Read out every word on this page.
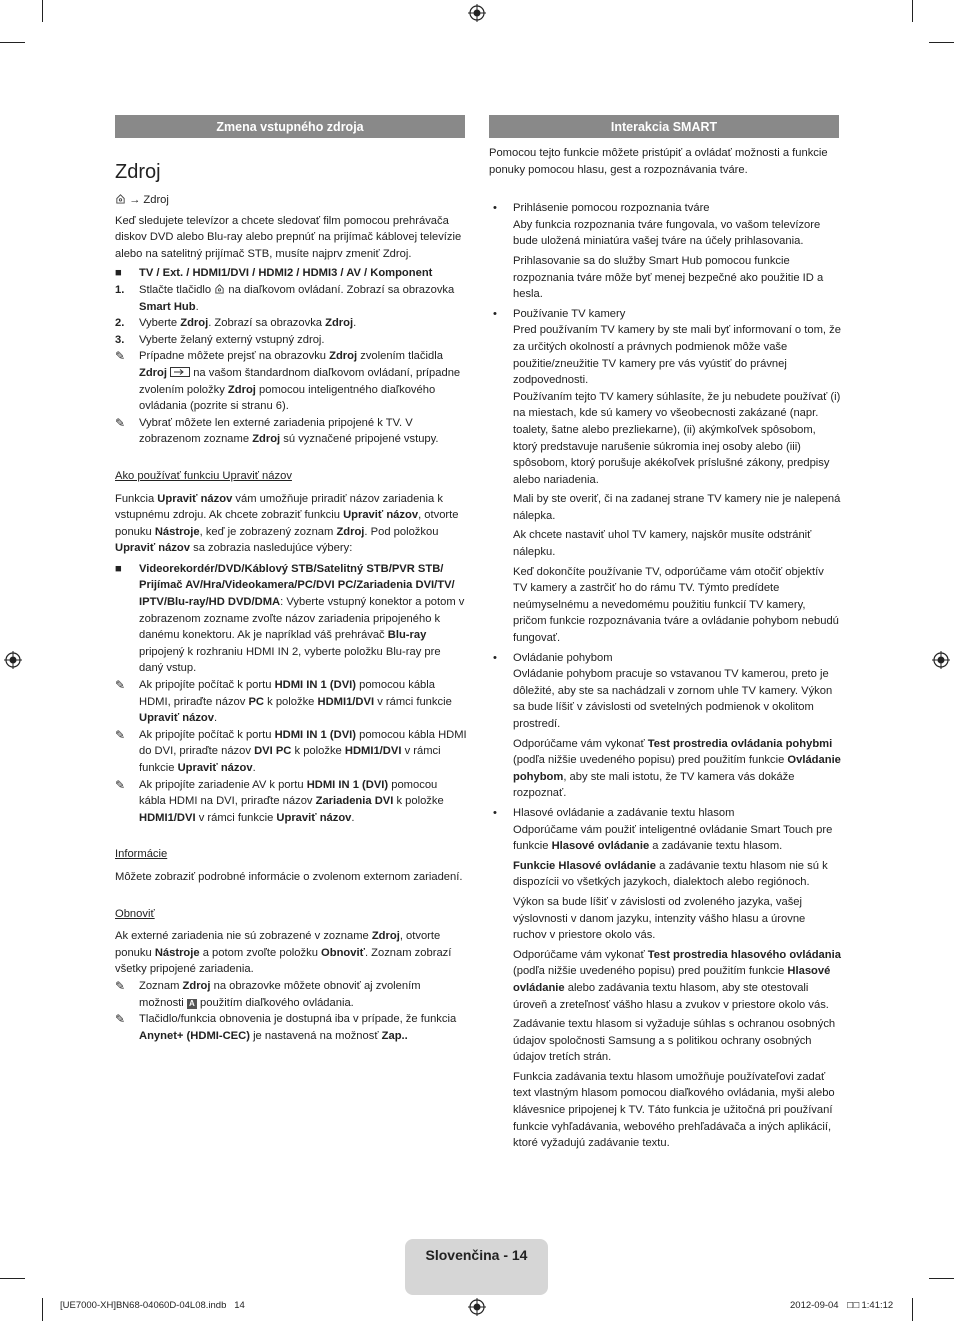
Zmena vstupného zdroja	Interakcia SMART
Zdroj

→ Zdroj

Keď sledujete televízor a chcete sledovať film pomocou prehrávača diskov DVD alebo Blu-ray alebo prepnúť na prijímač káblovej televízie alebo na satelitný prijímač STB, musíte najprv zmeniť Zdroj.

■	TV / Ext. / HDMI1/DVI / HDMI2 / HDMI3 / AV / Komponent
1.	Stlačte tlačidlo na diaľkovom ovládaní. Zobrazí sa obrazovka Smart Hub.
2.	Vyberte Zdroj. Zobrazí sa obrazovka Zdroj.
3.	Vyberte želaný externý vstupný zdroj.
✎	Prípadne môžete prejsť na obrazovku Zdroj zvolením tlačidla Zdroj na vašom štandardnom diaľkovom ovládaní, prípadne zvolením položky Zdroj pomocou inteligentného diaľkového ovládania (pozrite si stranu 6).
✎	Vybrať môžete len externé zariadenia pripojené k TV. V zobrazenom zozname Zdroj sú vyznačené pripojené vstupy.

Ako používať funkciu Upraviť názov

Funkcia Upraviť názov vám umožňuje priradiť názov zariadenia k vstupnému zdroju. Ak chcete zobraziť funkciu Upraviť názov, otvorte ponuku Nástroje, keď je zobrazený zoznam Zdroj. Pod položkou Upraviť názov sa zobrazia nasledujúce výbery:

■	Videorekordér/DVD/Káblový STB/Satelitný STB/PVR STB/ Prijímač AV/Hra/Videokamera/PC/DVI PC/Zariadenia DVI/TV/ IPTV/Blu-ray/HD DVD/DMA: Vyberte vstupný konektor a potom v zobrazenom zozname zvoľte názov zariadenia pripojeného k danému konektoru. Ak je napríklad váš prehrávač Blu-ray pripojený k rozhraniu HDMI IN 2, vyberte položku Blu-ray pre daný vstup.
✎	Ak pripojíte počítač k portu HDMI IN 1 (DVI) pomocou kábla HDMI, priraďte názov PC k položke HDMI1/DVI v rámci funkcie Upraviť názov.
✎	Ak pripojíte počítač k portu HDMI IN 1 (DVI) pomocou kábla HDMI do DVI, priraďte názov DVI PC k položke HDMI1/DVI v rámci funkcie Upraviť názov.
✎	Ak pripojíte zariadenie AV k portu HDMI IN 1 (DVI) pomocou kábla HDMI na DVI, priraďte názov Zariadenia DVI k položke HDMI1/DVI v rámci funkcie Upraviť názov.

Informácie

Môžete zobraziť podrobné informácie o zvolenom externom zariadení.

Obnoviť

Ak externé zariadenia nie sú zobrazené v zozname Zdroj, otvorte ponuku Nástroje a potom zvoľte položku Obnoviť. Zoznam zobrazí všetky pripojené zariadenia.

✎	Zoznam Zdroj na obrazovke môžete obnoviť aj zvolením možnosti A použitím diaľkového ovládania.
✎	Tlačidlo/funkcia obnovenia je dostupná iba v prípade, že funkcia Anynet+ (HDMI-CEC) je nastavená na možnosť Zap..

Pomocou tejto funkcie môžete pristúpiť a ovládať možnosti a funkcie ponuky pomocou hlasu, gest a rozpoznávania tváre.

•	Prihlásenie pomocou rozpoznania tváre

Aby funkcia rozpoznania tváre fungovala, vo vašom televízore bude uložená miniatúra vašej tváre na účely prihlasovania.

Prihlasovanie sa do služby Smart Hub pomocou funkcie rozpoznania tváre môže byť menej bezpečné ako použitie ID a hesla.

•	Používanie TV kamery

Pred používaním TV kamery by ste mali byť informovaní o tom, že za určitých okolností a právnych podmienok môže vaše použitie/zneužitie TV kamery pre vás vyústiť do právnej zodpovednosti.

Používaním tejto TV kamery súhlasíte, že ju nebudete používať (i) na miestach, kde sú kamery vo všeobecnosti zakázané (napr. toalety, šatne alebo prezliekarne), (ii) akýmkoľvek spôsobom, ktorý predstavuje narušenie súkromia inej osoby alebo (iii) spôsobom, ktorý porušuje akékoľvek príslušné zákony, predpisy alebo nariadenia.

Mali by ste overiť, či na zadanej strane TV kamery nie je nalepená nálepka.

Ak chcete nastaviť uhol TV kamery, najskôr musíte odstrániť nálepku.

Keď dokončíte používanie TV, odporúčame vám otočiť objektív TV kamery a zastrčiť ho do rámu TV. Týmto predídete neúmyselnému a nevedomému použitiu funkcií TV kamery, pričom funkcie rozpoznávania tváre a ovládanie pohybom nebudú fungovať.

•	Ovládanie pohybom

Ovládanie pohybom pracuje so vstavanou TV kamerou, preto je dôležité, aby ste sa nachádzali v zornom uhle TV kamery. Výkon sa bude líšiť v závislosti od svetelných podmienok v okolitom prostredí.

Odporúčame vám vykonať Test prostredia ovládania pohybmi (podľa nižšie uvedeného popisu) pred použitím funkcie Ovládanie pohybom, aby ste mali istotu, že TV kamera vás dokáže rozpoznať.

•	Hlasové ovládanie a zadávanie textu hlasom

Odporúčame vám použiť inteligentné ovládanie Smart Touch pre funkcie Hlasové ovládanie a zadávanie textu hlasom.

Funkcie Hlasové ovládanie a zadávanie textu hlasom nie sú k dispozícii vo všetkých jazykoch, dialektoch alebo regiónoch.

Výkon sa bude líšiť v závislosti od zvoleného jazyka, vašej výslovnosti v danom jazyku, intenzity vášho hlasu a úrovne ruchov v priestore okolo vás.

Odporúčame vám vykonať Test prostredia hlasového ovládania (podľa nižšie uvedeného popisu) pred použitím funkcie Hlasové ovládanie alebo zadávania textu hlasom, aby ste otestovali úroveň a zreteľnosť vášho hlasu a zvukov v priestore okolo vás.

Zadávanie textu hlasom si vyžaduje súhlas s ochranou osobných údajov spoločnosti Samsung a s politikou ochrany osobných údajov tretích strán.

Funkcia zadávania textu hlasom umožňuje používateľovi zadať text vlastným hlasom pomocou diaľkového ovládania, myši alebo klávesnice pripojenej k TV. Táto funkcia je užitočná pri používaní funkcie vyhľadávania, webového prehľadávača a iných aplikácií, ktoré vyžadujú zadávanie textu.

Slovenčina - 14
[UE7000-XH]BN68-04060D-04L08.indb   14	2012-09-04   ☐☐ 1:41:12
